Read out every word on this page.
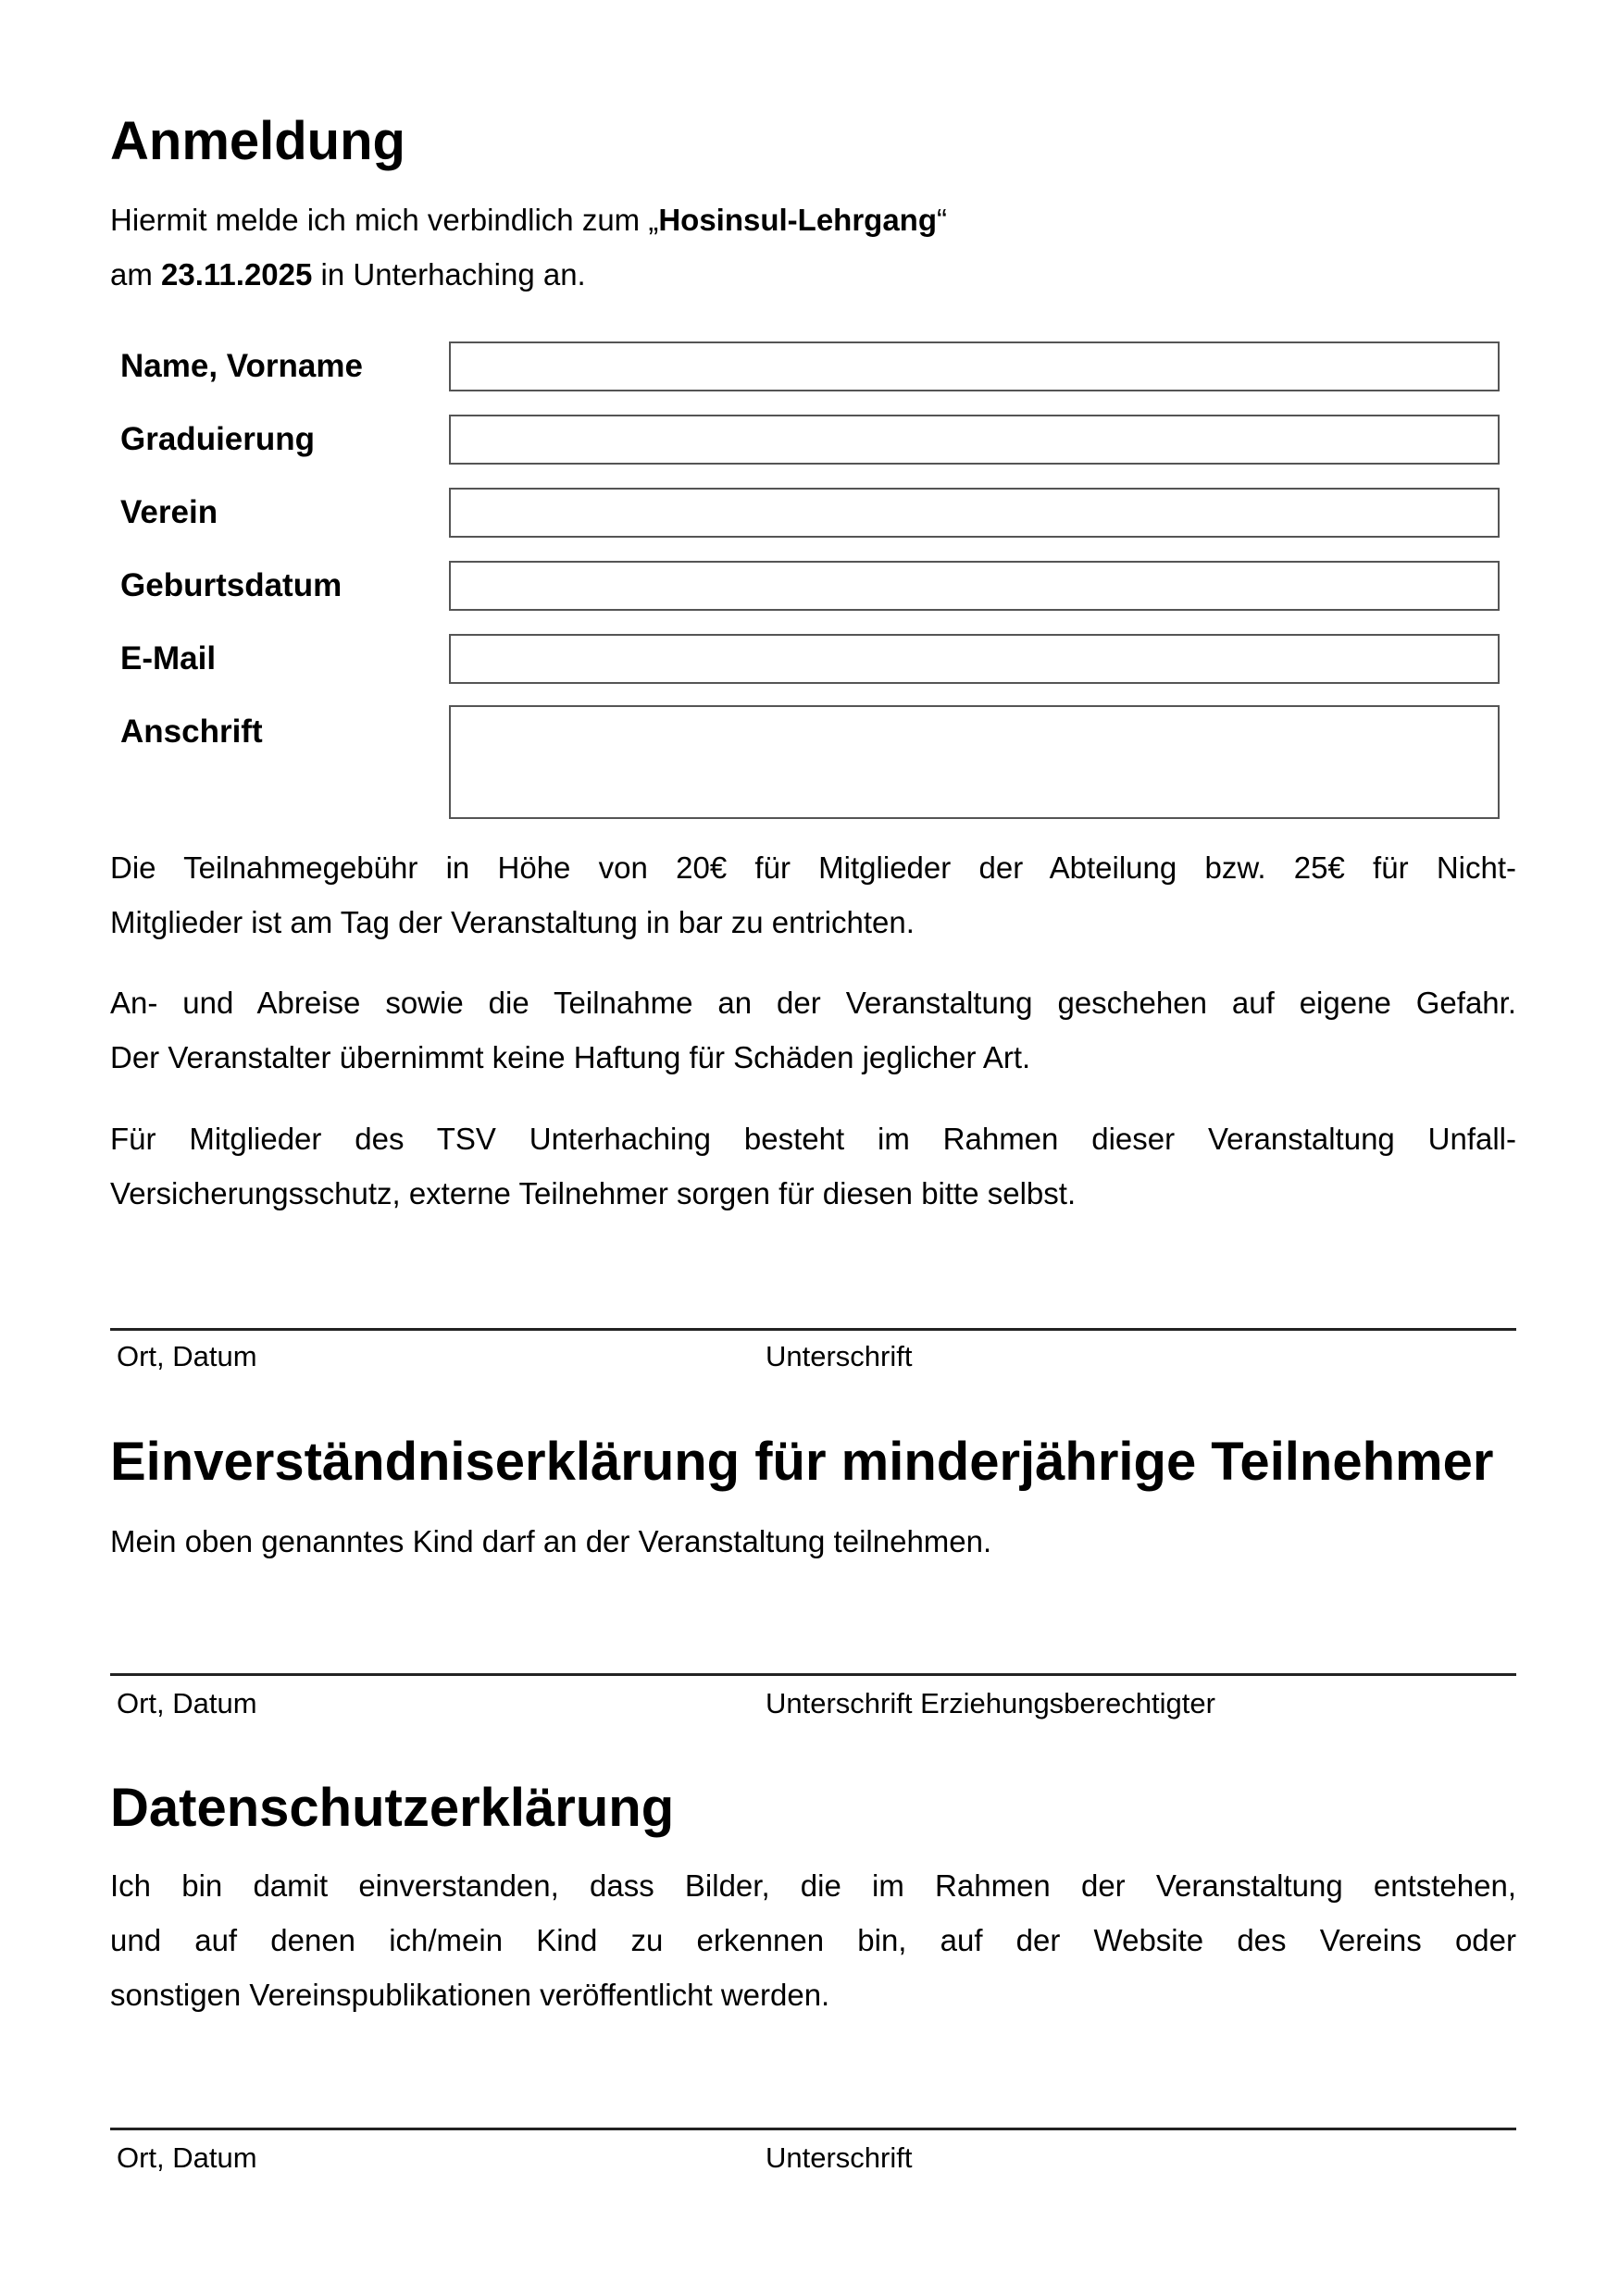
Anmeldung
Hiermit melde ich mich verbindlich zum „Hosinsul-Lehrgang“
am 23.11.2025 in Unterhaching an.
Name, Vorname
Graduierung
Verein
Geburtsdatum
E-Mail
Anschrift
Die Teilnahmegebühr in Höhe von 20€ für Mitglieder der Abteilung bzw. 25€ für Nicht-
Mitglieder ist am Tag der Veranstaltung in bar zu entrichten.
An- und Abreise sowie die Teilnahme an der Veranstaltung geschehen auf eigene Gefahr.
Der Veranstalter übernimmt keine Haftung für Schäden jeglicher Art.
Für Mitglieder des TSV Unterhaching besteht im Rahmen dieser Veranstaltung Unfall-
Versicherungsschutz, externe Teilnehmer sorgen für diesen bitte selbst.
Ort, Datum	Unterschrift
Einverständniserklärung für minderjährige Teilnehmer
Mein oben genanntes Kind darf an der Veranstaltung teilnehmen.
Ort, Datum	Unterschrift Erziehungsberechtigter
Datenschutzerklärung
Ich bin damit einverstanden, dass Bilder, die im Rahmen der Veranstaltung entstehen,
und auf denen ich/mein Kind zu erkennen bin, auf der Website des Vereins oder
sonstigen Vereinspublikationen veröffentlicht werden.
Ort, Datum	Unterschrift
